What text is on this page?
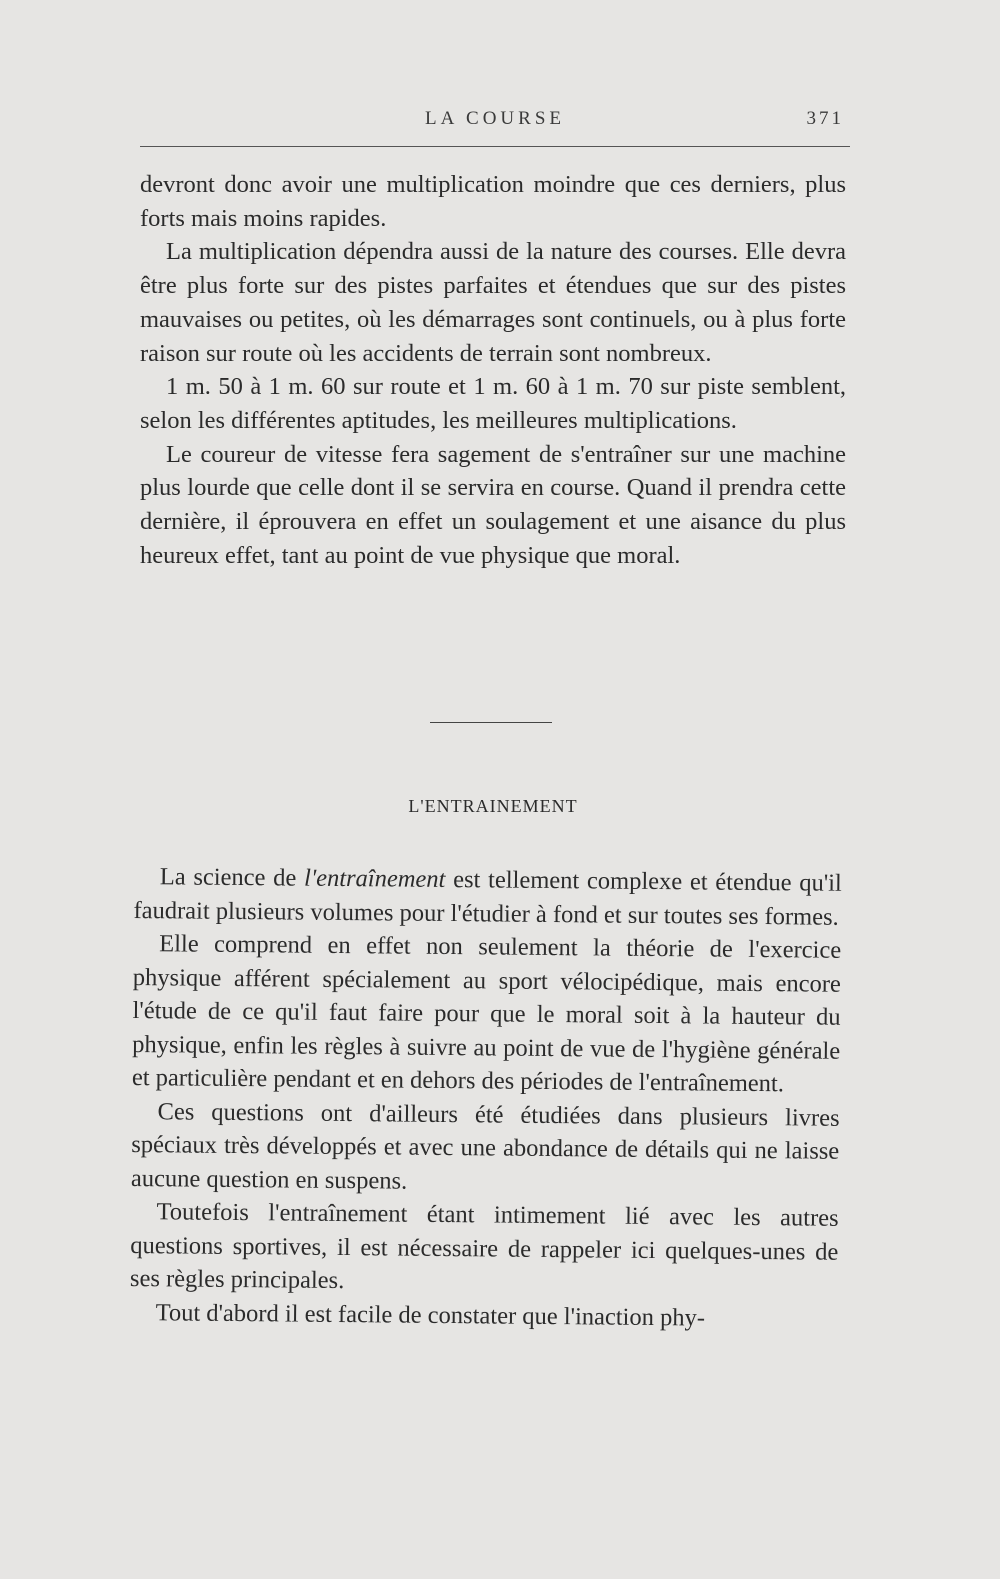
LA COURSE	371

devront donc avoir une multiplication moindre que ces derniers, plus forts mais moins rapides.

La multiplication dépendra aussi de la nature des courses. Elle devra être plus forte sur des pistes parfaites et étendues que sur des pistes mauvaises ou petites, où les démarrages sont continuels, ou à plus forte raison sur route où les accidents de terrain sont nombreux.

1 m. 50 à 1 m. 60 sur route et 1 m. 60 à 1 m. 70 sur piste semblent, selon les différentes aptitudes, les meilleures multiplications.

Le coureur de vitesse fera sagement de s'entraîner sur une machine plus lourde que celle dont il se servira en course. Quand il prendra cette dernière, il éprouvera en effet un soulagement et une aisance du plus heureux effet, tant au point de vue physique que moral.

L'ENTRAINEMENT

La science de l'entraînement est tellement complexe et étendue qu'il faudrait plusieurs volumes pour l'étudier à fond et sur toutes ses formes.

Elle comprend en effet non seulement la théorie de l'exercice physique afférent spécialement au sport vélocipédique, mais encore l'étude de ce qu'il faut faire pour que le moral soit à la hauteur du physique, enfin les règles à suivre au point de vue de l'hygiène générale et particulière pendant et en dehors des périodes de l'entraînement.

Ces questions ont d'ailleurs été étudiées dans plusieurs livres spéciaux très développés et avec une abondance de détails qui ne laisse aucune question en suspens.

Toutefois l'entraînement étant intimement lié avec les autres questions sportives, il est nécessaire de rappeler ici quelques-unes de ses règles principales.

Tout d'abord il est facile de constater que l'inaction phy-
